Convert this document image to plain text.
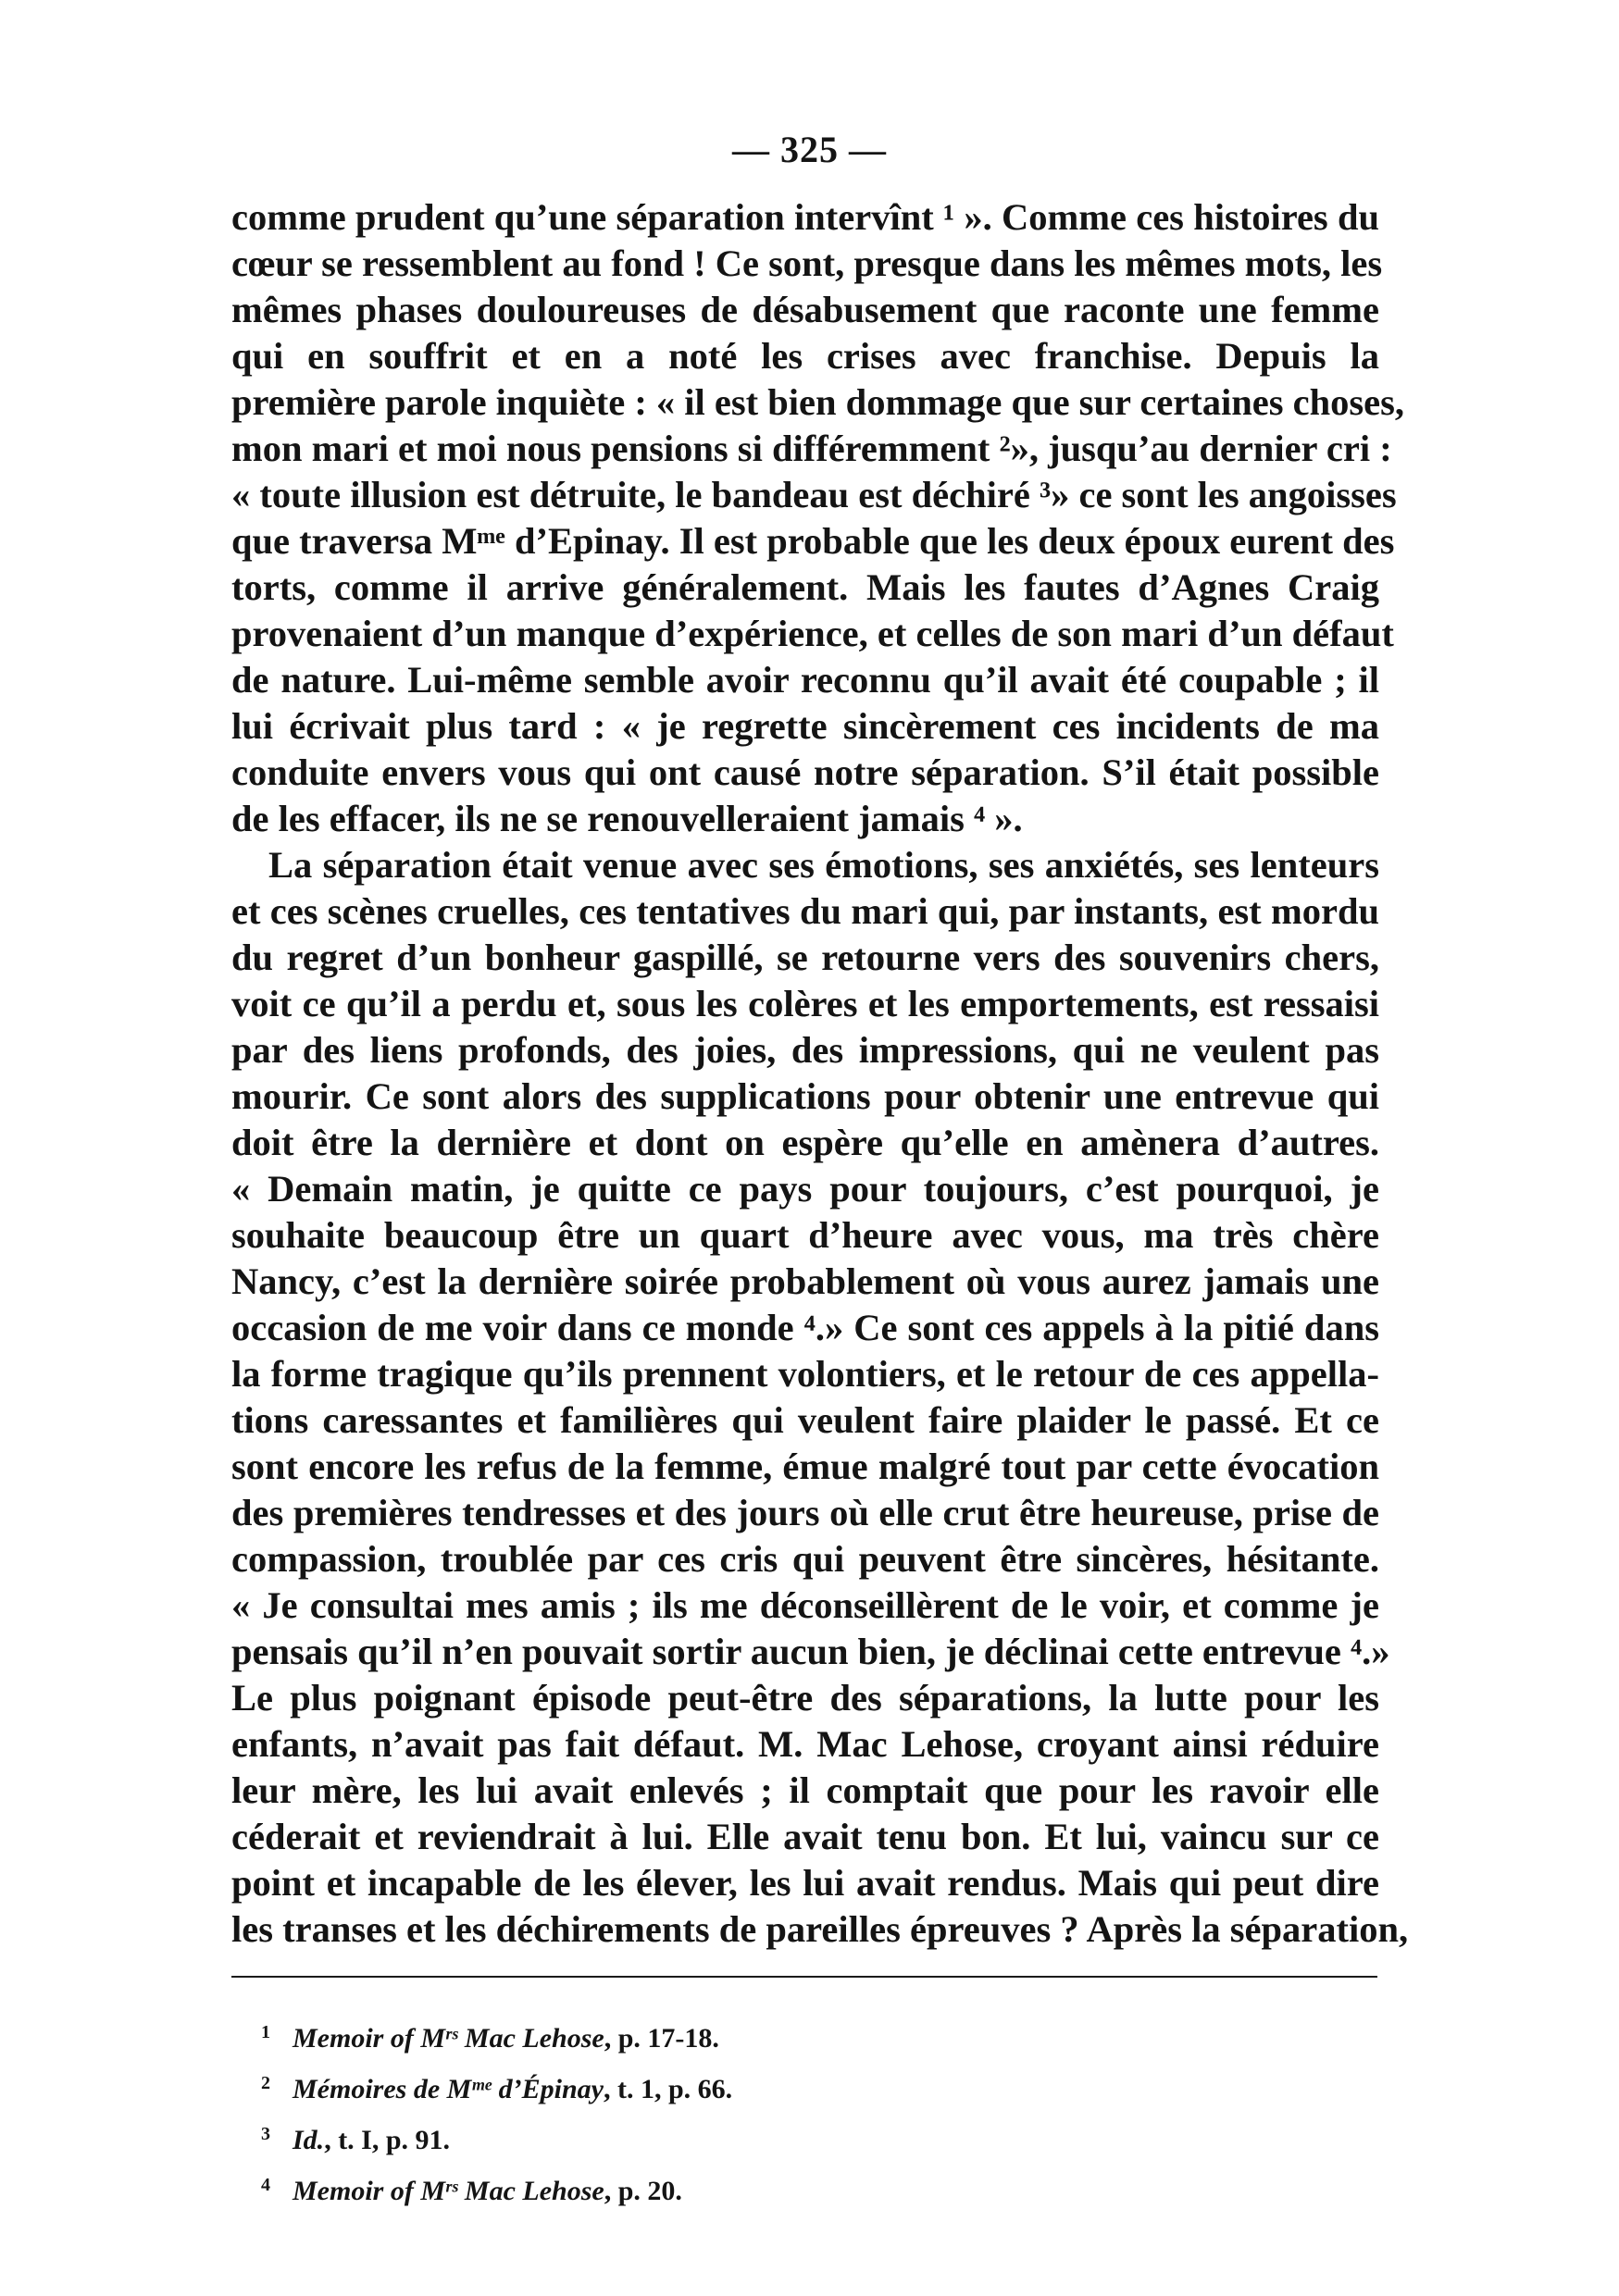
— 325 —
comme prudent qu’une séparation intervînt ¹ ». Comme ces histoires du
cœur se ressemblent au fond ! Ce sont, presque dans les mêmes mots, les
mêmes phases douloureuses de désabusement que raconte une femme
qui en souffrit et en a noté les crises avec franchise. Depuis la
première parole inquiète : « il est bien dommage que sur certaines choses,
mon mari et moi nous pensions si différemment ²», jusqu’au dernier cri :
« toute illusion est détruite, le bandeau est déchiré ³» ce sont les angoisses
que traversa Mᵐᵉ d’Epinay. Il est probable que les deux époux eurent des
torts, comme il arrive généralement. Mais les fautes d’Agnes Craig
provenaient d’un manque d’expérience, et celles de son mari d’un défaut
de nature. Lui-même semble avoir reconnu qu’il avait été coupable ; il
lui écrivait plus tard : « je regrette sincèrement ces incidents de ma
conduite envers vous qui ont causé notre séparation. S’il était possible
de les effacer, ils ne se renouvelleraient jamais ⁴ ».
La séparation était venue avec ses émotions, ses anxiétés, ses lenteurs
et ces scènes cruelles, ces tentatives du mari qui, par instants, est mordu
du regret d’un bonheur gaspillé, se retourne vers des souvenirs chers,
voit ce qu’il a perdu et, sous les colères et les emportements, est ressaisi
par des liens profonds, des joies, des impressions, qui ne veulent pas
mourir. Ce sont alors des supplications pour obtenir une entrevue qui
doit être la dernière et dont on espère qu’elle en amènera d’autres.
« Demain matin, je quitte ce pays pour toujours, c’est pourquoi, je
souhaite beaucoup être un quart d’heure avec vous, ma très chère
Nancy, c’est la dernière soirée probablement où vous aurez jamais une
occasion de me voir dans ce monde ⁴.» Ce sont ces appels à la pitié dans
la forme tragique qu’ils prennent volontiers, et le retour de ces appella-
tions caressantes et familières qui veulent faire plaider le passé. Et ce
sont encore les refus de la femme, émue malgré tout par cette évocation
des premières tendresses et des jours où elle crut être heureuse, prise de
compassion, troublée par ces cris qui peuvent être sincères, hésitante.
« Je consultai mes amis ; ils me déconseillèrent de le voir, et comme je
pensais qu’il n’en pouvait sortir aucun bien, je déclinai cette entrevue ⁴.»
Le plus poignant épisode peut-être des séparations, la lutte pour les
enfants, n’avait pas fait défaut. M. Mac Lehose, croyant ainsi réduire
leur mère, les lui avait enlevés ; il comptait que pour les ravoir elle
céderait et reviendrait à lui. Elle avait tenu bon. Et lui, vaincu sur ce
point et incapable de les élever, les lui avait rendus. Mais qui peut dire
les transes et les déchirements de pareilles épreuves ? Après la séparation,
1 Memoir of Mʳˢ Mac Lehose, p. 17-18.
2 Mémoires de Mᵐᵉ d’Épinay, t. 1, p. 66.
3 Id., t. I, p. 91.
4 Memoir of Mʳˢ Mac Lehose, p. 20.
